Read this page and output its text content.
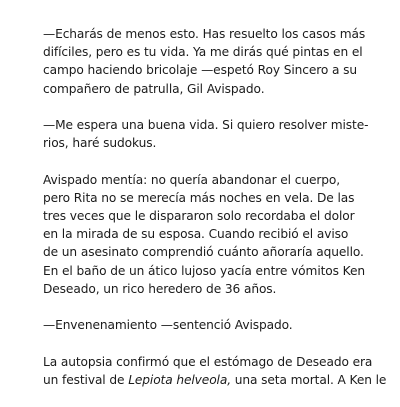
—Echarás de menos esto. Has resuelto los casos más
difíciles, pero es tu vida. Ya me dirás qué pintas en el
campo haciendo bricolaje —espetó Roy Sincero a su
compañero de patrulla, Gil Avispado.

—Me espera una buena vida. Si quiero resolver miste-
rios, haré sudokus.

Avispado mentía: no quería abandonar el cuerpo,
pero Rita no se merecía más noches en vela. De las
tres veces que le dispararon solo recordaba el dolor
en la mirada de su esposa. Cuando recibió el aviso
de un asesinato comprendió cuánto añoraría aquello.
En el baño de un ático lujoso yacía entre vómitos Ken
Deseado, un rico heredero de 36 años.

—Envenenamiento —sentenció Avispado.

La autopsia confirmó que el estómago de Deseado era
un festival de Lepiota helveola, una seta mortal. A Ken le
